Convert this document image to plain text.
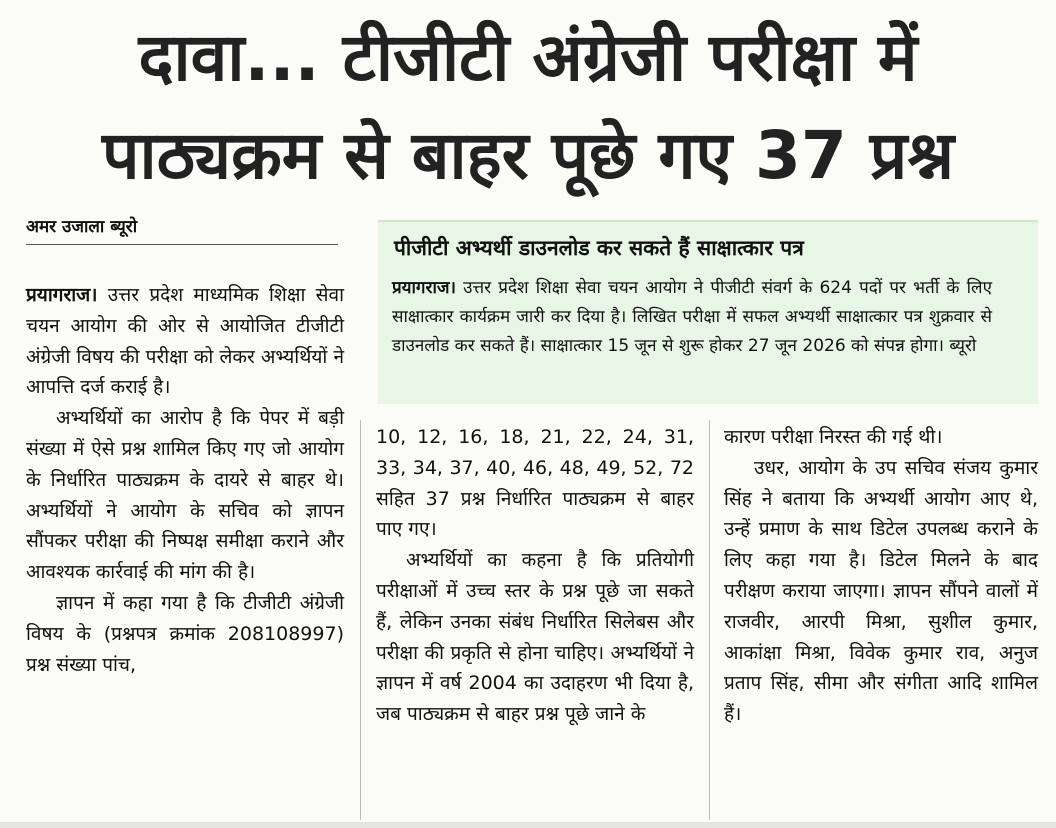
दावा... टीजीटी अंग्रेजी परीक्षा में
पाठ्यक्रम से बाहर पूछे गए 37 प्रश्न
अमर उजाला ब्यूरो
पीजीटी अभ्यर्थी डाउनलोड कर सकते हैं साक्षात्कार पत्र
प्रयागराज। उत्तर प्रदेश शिक्षा सेवा चयन आयोग ने पीजीटी संवर्ग के 624 पदों पर भर्ती के लिए साक्षात्कार कार्यक्रम जारी कर दिया है। लिखित परीक्षा में सफल अभ्यर्थी साक्षात्कार पत्र शुक्रवार से डाउनलोड कर सकते हैं। साक्षात्कार 15 जून से शुरू होकर 27 जून 2026 को संपन्न होगा। ब्यूरो

प्रयागराज। उत्तर प्रदेश माध्यमिक शिक्षा सेवा चयन आयोग की ओर से आयोजित टीजीटी अंग्रेजी विषय की परीक्षा को लेकर अभ्यर्थियों ने आपत्ति दर्ज कराई है।

अभ्यर्थियों का आरोप है कि पेपर में बड़ी संख्या में ऐसे प्रश्न शामिल किए गए जो आयोग के निर्धारित पाठ्यक्रम के दायरे से बाहर थे। अभ्यर्थियों ने आयोग के सचिव को ज्ञापन सौंपकर परीक्षा की निष्पक्ष समीक्षा कराने और आवश्यक कार्रवाई की मांग की है।

ज्ञापन में कहा गया है कि टीजीटी अंग्रेजी विषय के (प्रश्नपत्र क्रमांक 208108997) प्रश्न संख्या पांच,

10, 12, 16, 18, 21, 22, 24, 31, 33, 34, 37, 40, 46, 48, 49, 52, 72 सहित 37 प्रश्न निर्धारित पाठ्यक्रम से बाहर पाए गए।

अभ्यर्थियों का कहना है कि प्रतियोगी परीक्षाओं में उच्च स्तर के प्रश्न पूछे जा सकते हैं, लेकिन उनका संबंध निर्धारित सिलेबस और परीक्षा की प्रकृति से होना चाहिए। अभ्यर्थियों ने ज्ञापन में वर्ष 2004 का उदाहरण भी दिया है, जब पाठ्यक्रम से बाहर प्रश्न पूछे जाने के

कारण परीक्षा निरस्त की गई थी।

उधर, आयोग के उप सचिव संजय कुमार सिंह ने बताया कि अभ्यर्थी आयोग आए थे, उन्हें प्रमाण के साथ डिटेल उपलब्ध कराने के लिए कहा गया है। डिटेल मिलने के बाद परीक्षण कराया जाएगा। ज्ञापन सौंपने वालों में राजवीर, आरपी मिश्रा, सुशील कुमार, आकांक्षा मिश्रा, विवेक कुमार राव, अनुज प्रताप सिंह, सीमा और संगीता आदि शामिल हैं।
